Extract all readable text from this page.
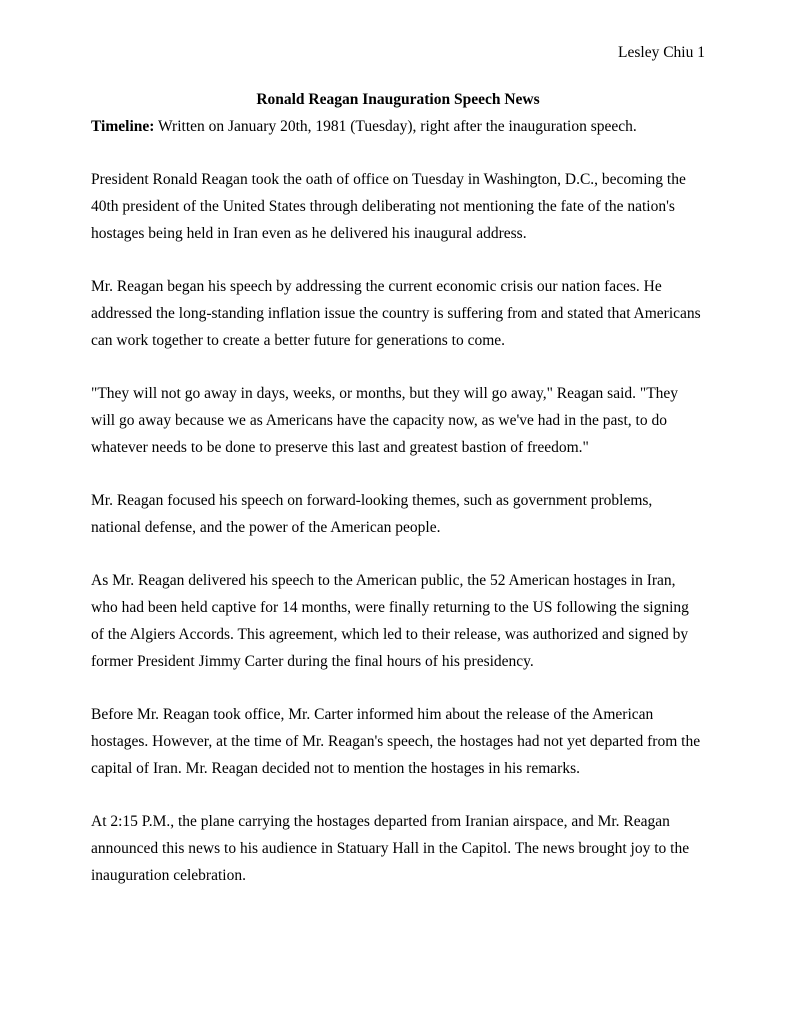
Lesley Chiu 1
Ronald Reagan Inauguration Speech News

Timeline: Written on January 20th, 1981 (Tuesday), right after the inauguration speech.

President Ronald Reagan took the oath of office on Tuesday in Washington, D.C., becoming the 40th president of the United States through deliberating not mentioning the fate of the nation's hostages being held in Iran even as he delivered his inaugural address.

Mr. Reagan began his speech by addressing the current economic crisis our nation faces. He addressed the long-standing inflation issue the country is suffering from and stated that Americans can work together to create a better future for generations to come.

"They will not go away in days, weeks, or months, but they will go away," Reagan said. "They will go away because we as Americans have the capacity now, as we've had in the past, to do whatever needs to be done to preserve this last and greatest bastion of freedom."

Mr. Reagan focused his speech on forward-looking themes, such as government problems, national defense, and the power of the American people.

As Mr. Reagan delivered his speech to the American public, the 52 American hostages in Iran, who had been held captive for 14 months, were finally returning to the US following the signing of the Algiers Accords. This agreement, which led to their release, was authorized and signed by former President Jimmy Carter during the final hours of his presidency.

Before Mr. Reagan took office, Mr. Carter informed him about the release of the American hostages. However, at the time of Mr. Reagan's speech, the hostages had not yet departed from the capital of Iran. Mr. Reagan decided not to mention the hostages in his remarks.

At 2:15 P.M., the plane carrying the hostages departed from Iranian airspace, and Mr. Reagan announced this news to his audience in Statuary Hall in the Capitol. The news brought joy to the inauguration celebration.
